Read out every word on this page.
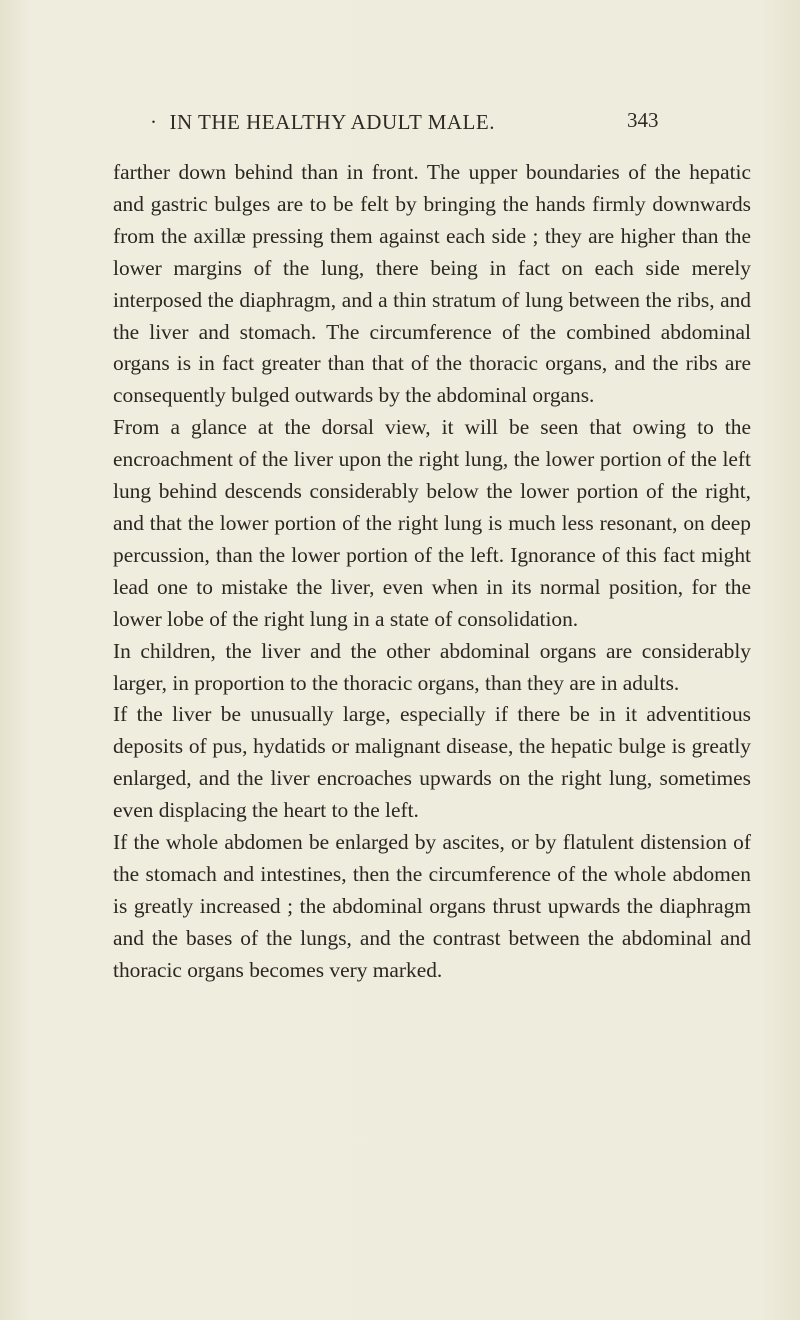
· IN THE HEALTHY ADULT MALE.	343

farther down behind than in front. The upper boundaries of the hepatic and gastric bulges are to be felt by bringing the hands firmly downwards from the axillæ pressing them against each side ; they are higher than the lower margins of the lung, there being in fact on each side merely interposed the diaphragm, and a thin stratum of lung between the ribs, and the liver and stomach. The circumference of the combined abdominal organs is in fact greater than that of the thoracic organs, and the ribs are consequently bulged outwards by the abdominal organs.

From a glance at the dorsal view, it will be seen that owing to the encroachment of the liver upon the right lung, the lower portion of the left lung behind descends considerably below the lower portion of the right, and that the lower portion of the right lung is much less resonant, on deep percussion, than the lower portion of the left. Ignorance of this fact might lead one to mistake the liver, even when in its normal position, for the lower lobe of the right lung in a state of consolidation.

In children, the liver and the other abdominal organs are considerably larger, in proportion to the thoracic organs, than they are in adults.

If the liver be unusually large, especially if there be in it adventitious deposits of pus, hydatids or malignant disease, the hepatic bulge is greatly enlarged, and the liver encroaches upwards on the right lung, sometimes even displacing the heart to the left.

If the whole abdomen be enlarged by ascites, or by flatulent distension of the stomach and intestines, then the circumference of the whole abdomen is greatly increased ; the abdominal organs thrust upwards the diaphragm and the bases of the lungs, and the contrast between the abdominal and thoracic organs becomes very marked.
